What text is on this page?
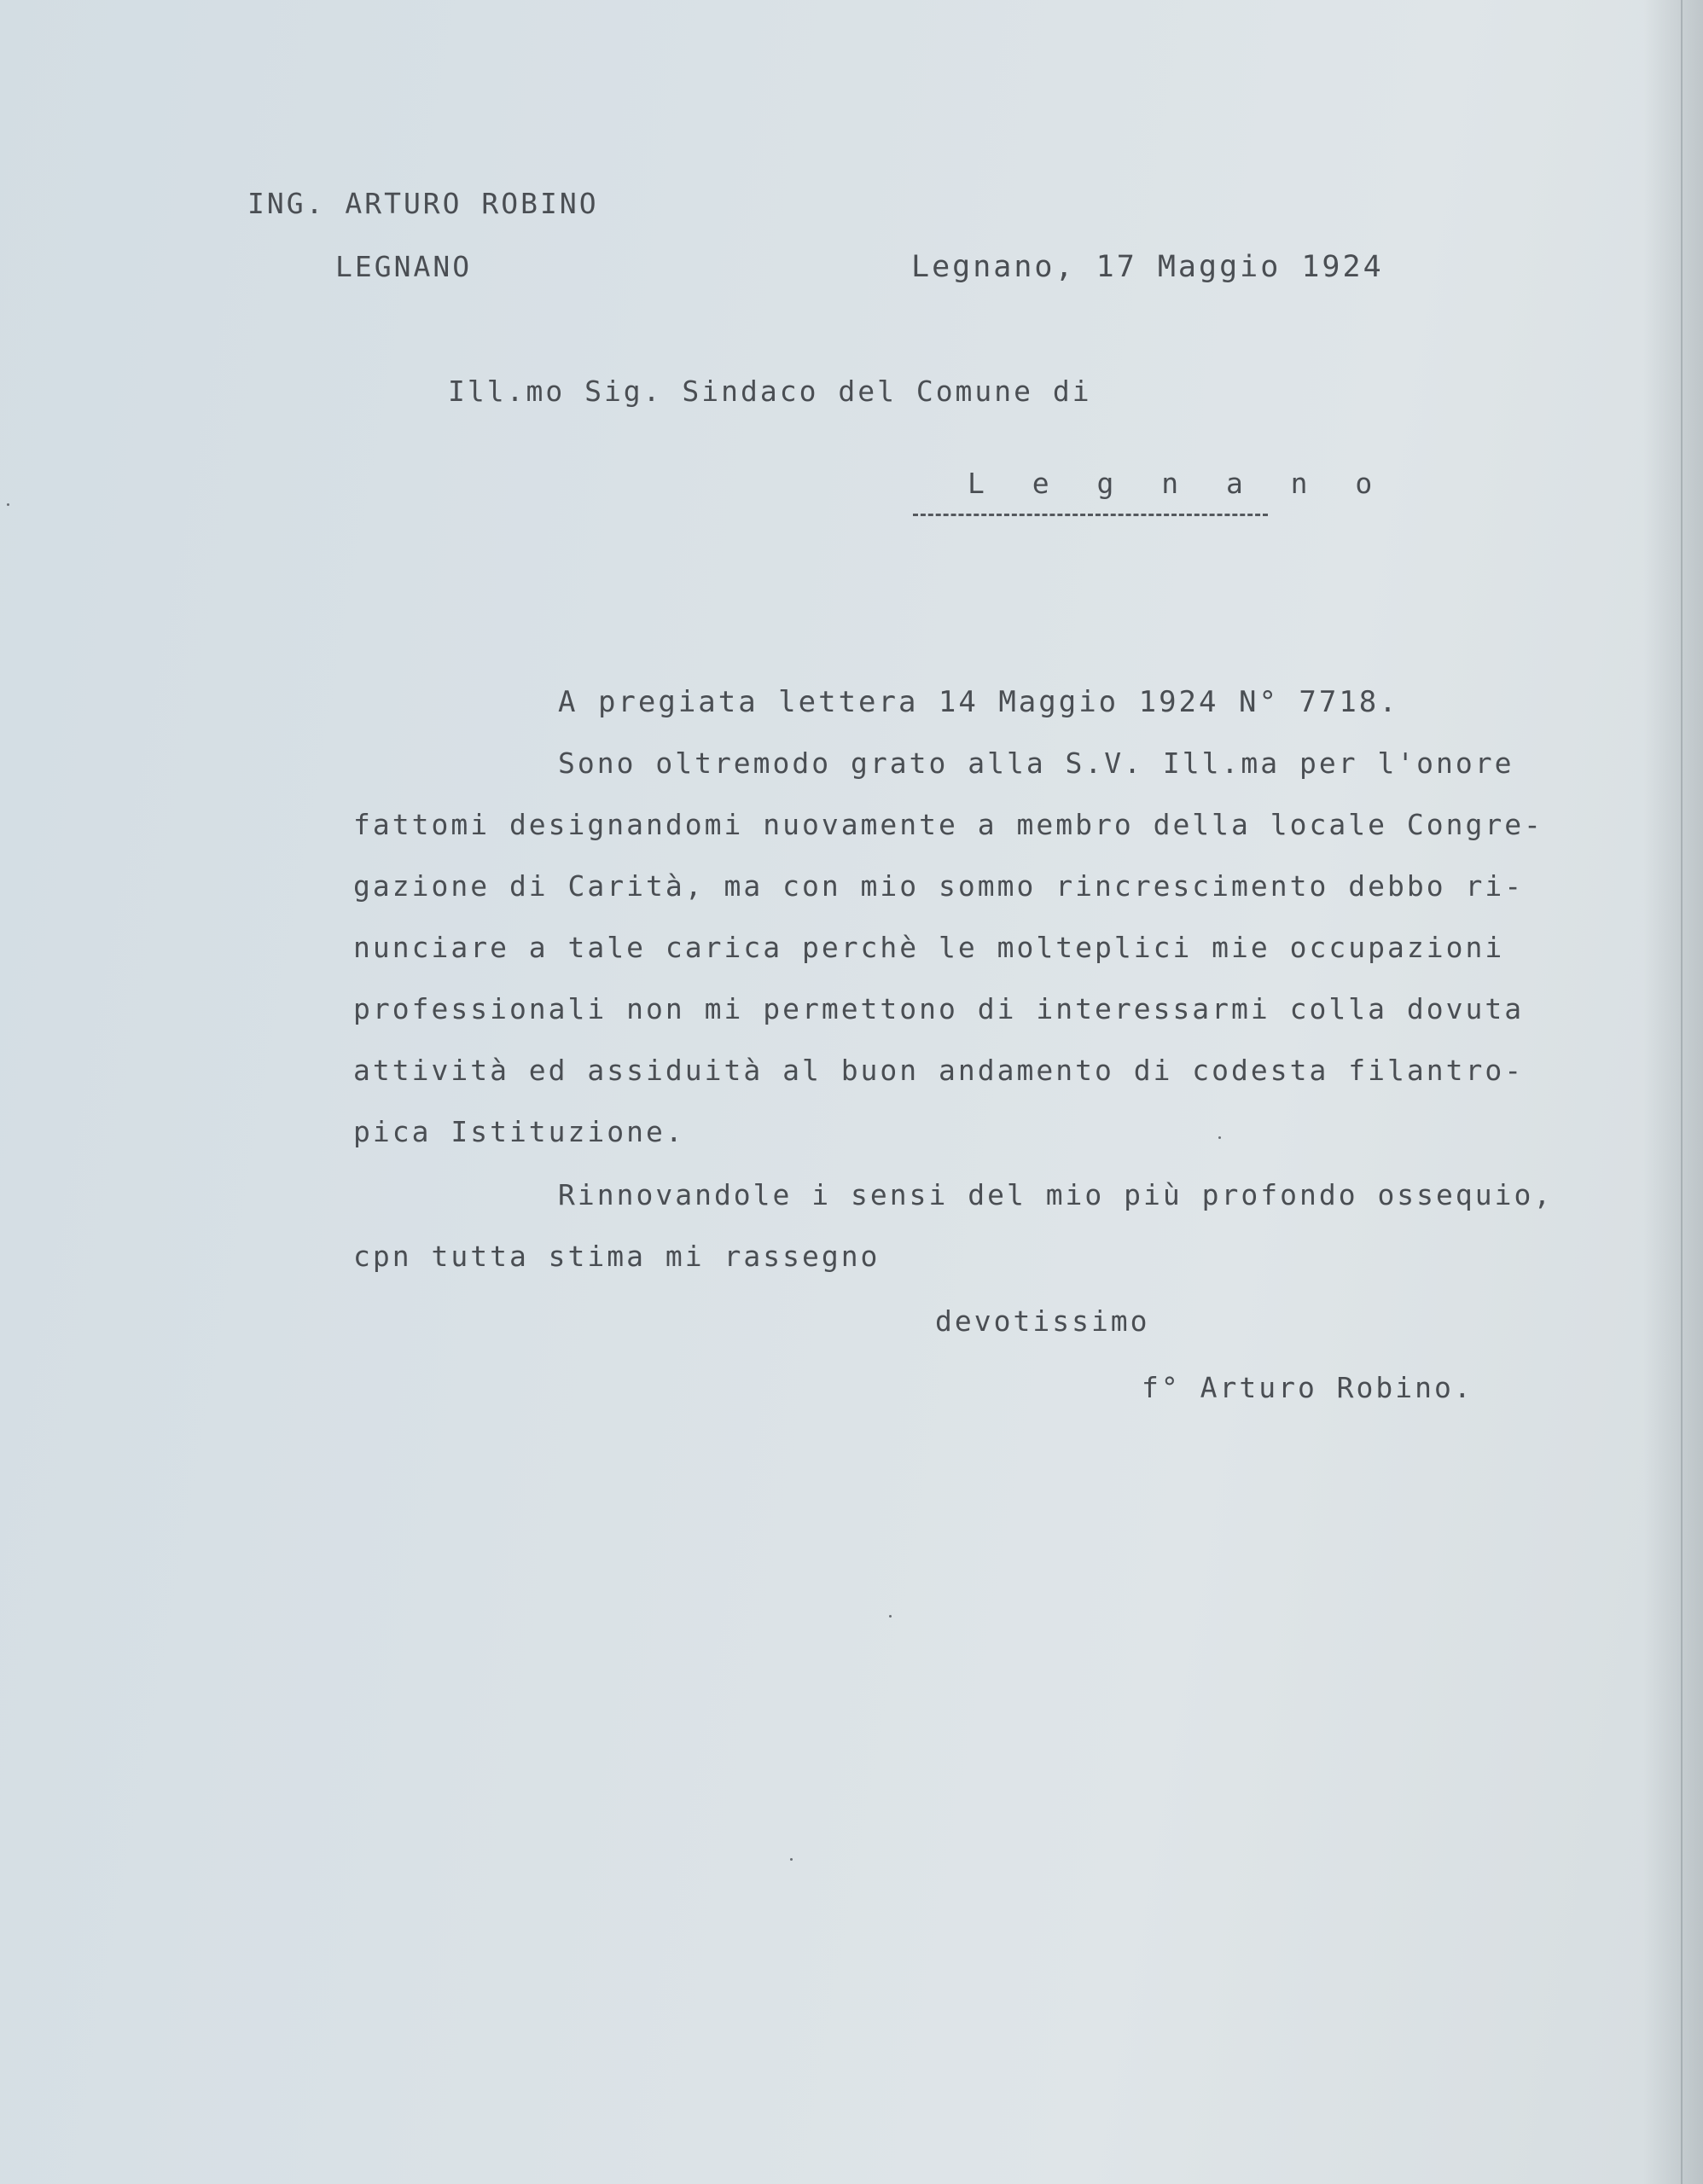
ING. ARTURO ROBINO
LEGNANO	Legnano, 17 Maggio 1924
Ill.mo Sig. Sindaco del Comune di
L e g n a n o
A pregiata lettera 14 Maggio 1924 N° 7718.
Sono oltremodo grato alla S.V. Ill.ma per l'onore
fattomi designandomi nuovamente a membro della locale Congre-
gazione di Carità, ma con mio sommo rincrescimento debbo ri-
nunciare a tale carica perchè le molteplici mie occupazioni
professionali non mi permettono di interessarmi colla dovuta
attività ed assiduità al buon andamento di codesta filantro-
pica Istituzione.
Rinnovandole i sensi del mio più profondo ossequio,
cpn tutta stima mi rassegno
devotissimo
f° Arturo Robino.
